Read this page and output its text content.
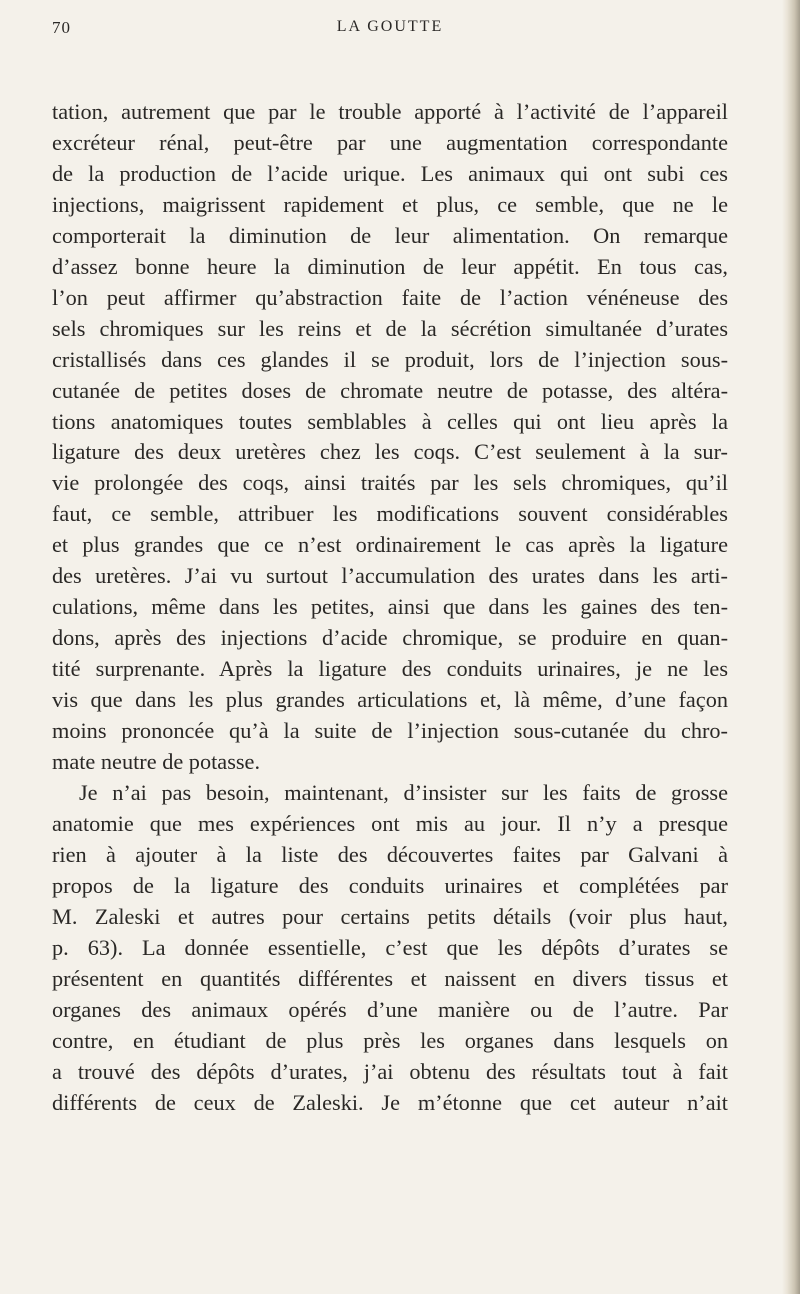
70	LA GOUTTE
tation, autrement que par le trouble apporté à l’activité de l’appareil
excréteur rénal, peut-être par une augmentation correspondante
de la production de l’acide urique. Les animaux qui ont subi ces
injections, maigrissent rapidement et plus, ce semble, que ne le
comporterait la diminution de leur alimentation. On remarque
d’assez bonne heure la diminution de leur appétit. En tous cas,
l’on peut affirmer qu’abstraction faite de l’action vénéneuse des
sels chromiques sur les reins et de la sécrétion simultanée d’urates
cristallisés dans ces glandes il se produit, lors de l’injection sous-
cutanée de petites doses de chromate neutre de potasse, des altéra-
tions anatomiques toutes semblables à celles qui ont lieu après la
ligature des deux uretères chez les coqs. C’est seulement à la sur-
vie prolongée des coqs, ainsi traités par les sels chromiques, qu’il
faut, ce semble, attribuer les modifications souvent considérables
et plus grandes que ce n’est ordinairement le cas après la ligature
des uretères. J’ai vu surtout l’accumulation des urates dans les arti-
culations, même dans les petites, ainsi que dans les gaines des ten-
dons, après des injections d’acide chromique, se produire en quan-
tité surprenante. Après la ligature des conduits urinaires, je ne les
vis que dans les plus grandes articulations et, là même, d’une façon
moins prononcée qu’à la suite de l’injection sous-cutanée du chro-
mate neutre de potasse.
Je n’ai pas besoin, maintenant, d’insister sur les faits de grosse
anatomie que mes expériences ont mis au jour. Il n’y a presque
rien à ajouter à la liste des découvertes faites par Galvani à
propos de la ligature des conduits urinaires et complétées par
M. Zaleski et autres pour certains petits détails (voir plus haut,
p. 63). La donnée essentielle, c’est que les dépôts d’urates se
présentent en quantités différentes et naissent en divers tissus et
organes des animaux opérés d’une manière ou de l’autre. Par
contre, en étudiant de plus près les organes dans lesquels on
a trouvé des dépôts d’urates, j’ai obtenu des résultats tout à fait
différents de ceux de Zaleski. Je m’étonne que cet auteur n’ait
